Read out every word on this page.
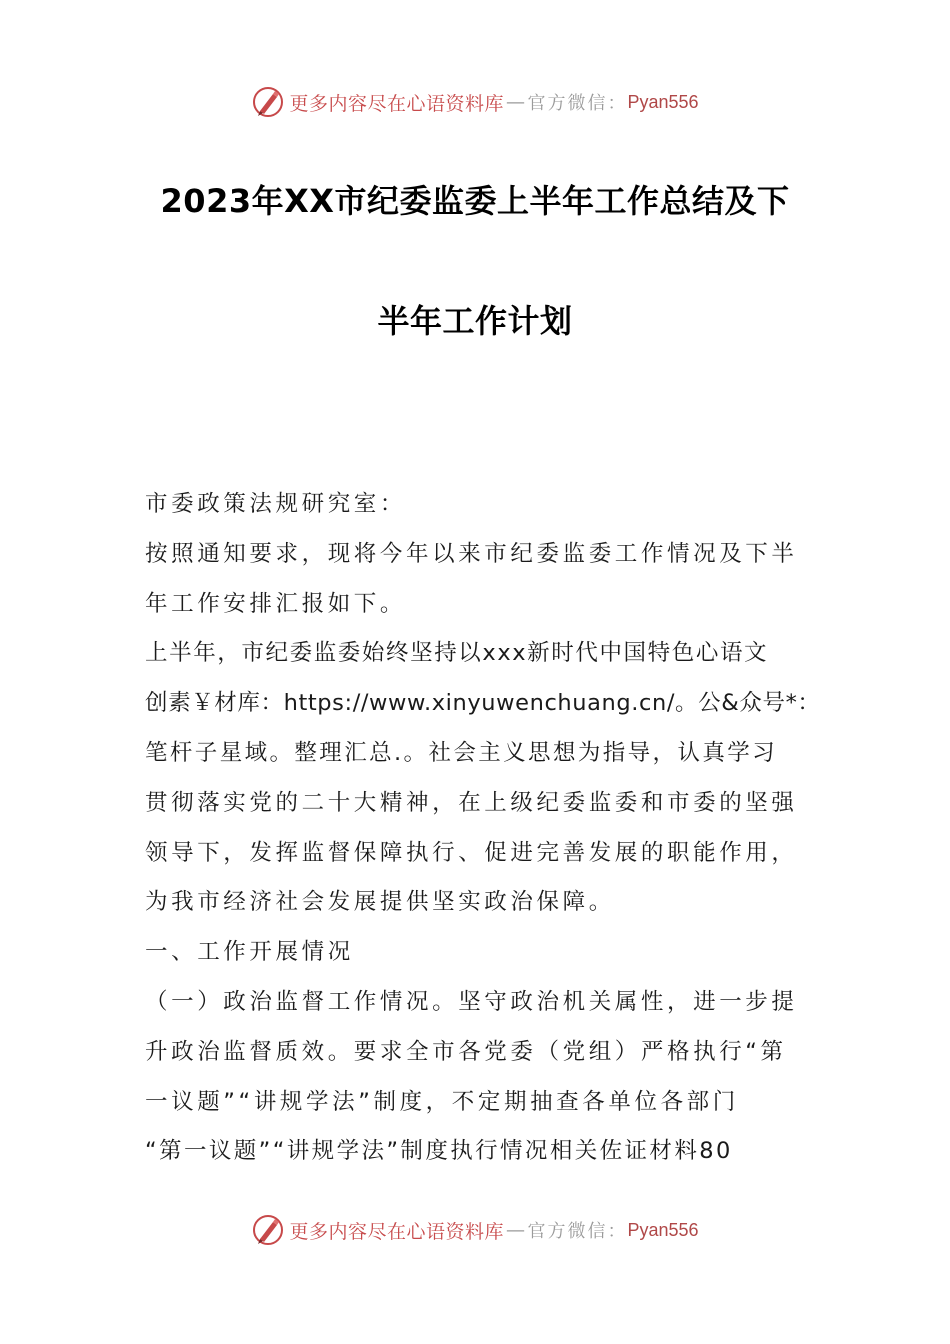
更多内容尽在心语资料库 — 官方微信： Pyan556
2023年XX市纪委监委上半年工作总结及下
半年工作计划

市委政策法规研究室：

按照通知要求，现将今年以来市纪委监委工作情况及下半

年工作安排汇报如下。

上半年，市纪委监委始终坚持以xxx新时代中国特色心语文

创素￥材库：https://www.xinyuwenchuang.cn/。公&众号*：

笔杆子星域。整理汇总.。社会主义思想为指导，认真学习

贯彻落实党的二十大精神，在上级纪委监委和市委的坚强

领导下，发挥监督保障执行、促进完善发展的职能作用，

为我市经济社会发展提供坚实政治保障。

一、工作开展情况

（一）政治监督工作情况。坚守政治机关属性，进一步提

升政治监督质效。要求全市各党委（党组）严格执行“第

一议题”“讲规学法”制度，不定期抽查各单位各部门

“第一议题”“讲规学法”制度执行情况相关佐证材料80

更多内容尽在心语资料库 — 官方微信： Pyan556
